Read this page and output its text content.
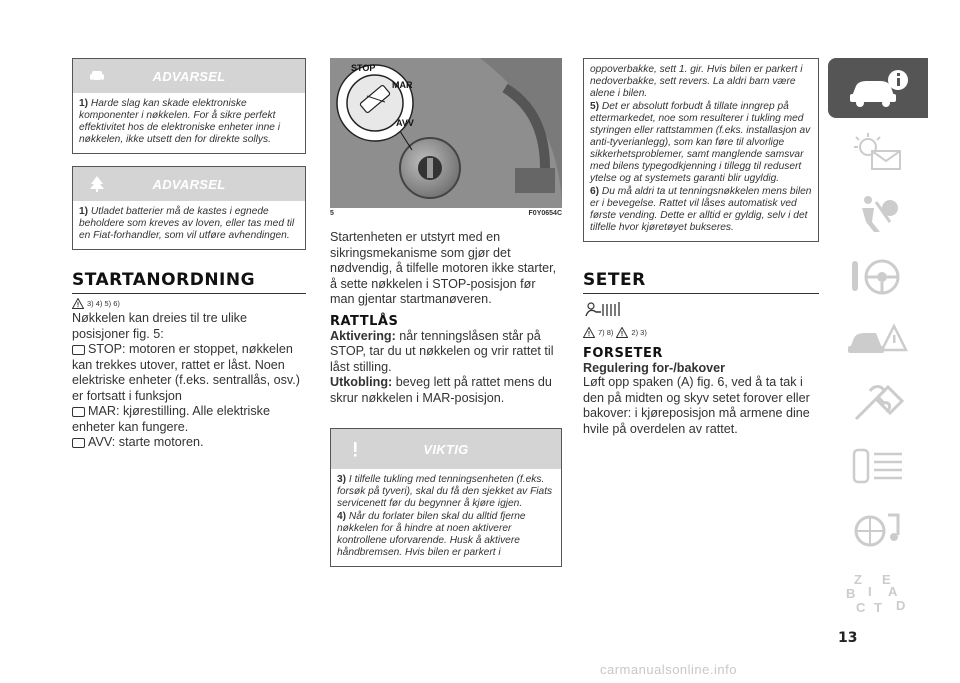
ADVARSEL

1) Harde slag kan skade elektroniske komponenter i nøkkelen. For å sikre perfekt effektivitet hos de elektroniske enheter inne i nøkkelen, ikke utsett den for direkte sollys.

ADVARSEL

1) Utladet batterier må de kastes i egnede beholdere som kreves av loven, eller tas med til en Fiat-forhandler, som vil utføre avhendingen.

STARTANORDNING
3) 4) 5) 6)

Nøkkelen kan dreies til tre ulike posisjoner fig. 5:

STOP: motoren er stoppet, nøkkelen kan trekkes utover, rattet er låst. Noen elektriske enheter (f.eks. sentrallås, osv.) er fortsatt i funksjon

MAR: kjørestilling. Alle elektriske enheter kan fungere.

AVV: starte motoren.

STOP
MAR
AVV
5	F0Y0654C

Startenheten er utstyrt med en sikringsmekanisme som gjør det nødvendig, å tilfelle motoren ikke starter, å sette nøkkelen i STOP-posisjon før man gjentar startmanøveren.

RATTLÅS

Aktivering: når tenningslåsen står på STOP, tar du ut nøkkelen og vrir rattet til låst stilling.

Utkobling: beveg lett på rattet mens du skrur nøkkelen i MAR-posisjon.

VIKTIG

3) I tilfelle tukling med tenningsenheten (f.eks. forsøk på tyveri), skal du få den sjekket av Fiats servicenett før du begynner å kjøre igjen.

4) Når du forlater bilen skal du alltid fjerne nøkkelen for å hindre at noen aktiverer kontrollene uforvarende. Husk å aktivere håndbremsen. Hvis bilen er parkert i

oppoverbakke, sett 1. gir. Hvis bilen er parkert i nedoverbakke, sett revers. La aldri barn være alene i bilen.

5) Det er absolutt forbudt å tillate inngrep på ettermarkedet, noe som resulterer i tukling med styringen eller rattstammen (f.eks. installasjon av anti-tyverianlegg), som kan føre til alvorlige sikkerhetsproblemer, samt manglende samsvar med bilens typegodkjenning i tillegg til redusert ytelse og at systemets garanti blir ugyldig.

6) Du må aldri ta ut tenningsnøkkelen mens bilen er i bevegelse. Rattet vil låses automatisk ved første vending. Dette er alltid er gyldig, selv i det tilfelle hvor kjøretøyet bukseres.

SETER
7) 8) 2) 3)
FORSETER
Regulering for-/bakover

Løft opp spaken (A) fig. 6, ved å ta tak i den på midten og skyv setet forover eller bakover: i kjøreposisjon må armene dine hvile på overdelen av rattet.

Z E
B I A
C T D
13
carmanualsonline.info
